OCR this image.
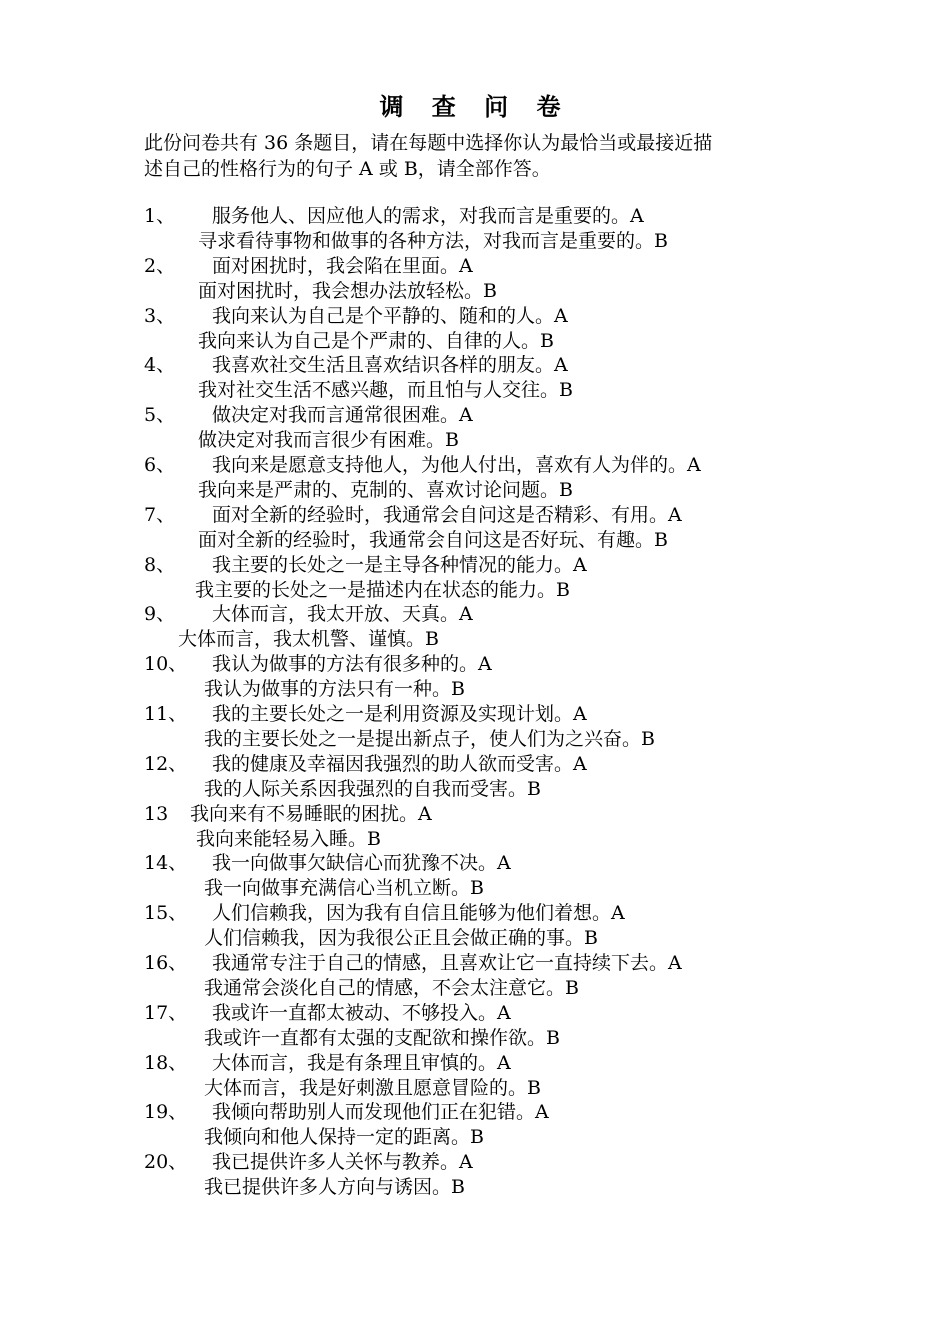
调 查 问 卷
此份问卷共有 36 条题目，请在每题中选择你认为最恰当或最接近描
述自己的性格行为的句子 A 或 B，请全部作答。
1、 服务他人、因应他人的需求，对我而言是重要的。A
寻求看待事物和做事的各种方法，对我而言是重要的。B
2、 面对困扰时，我会陷在里面。A
面对困扰时，我会想办法放轻松。B
3、 我向来认为自己是个平静的、随和的人。A
我向来认为自己是个严肃的、自律的人。B
4、 我喜欢社交生活且喜欢结识各样的朋友。A
我对社交生活不感兴趣，而且怕与人交往。B
5、 做决定对我而言通常很困难。A
做决定对我而言很少有困难。B
6、 我向来是愿意支持他人，为他人付出，喜欢有人为伴的。A
我向来是严肃的、克制的、喜欢讨论问题。B
7、 面对全新的经验时，我通常会自问这是否精彩、有用。A
面对全新的经验时，我通常会自问这是否好玩、有趣。B
8、 我主要的长处之一是主导各种情况的能力。A
我主要的长处之一是描述内在状态的能力。B
9、 大体而言，我太开放、天真。A
大体而言，我太机警、谨慎。B
10、 我认为做事的方法有很多种的。A
我认为做事的方法只有一种。B
11、 我的主要长处之一是利用资源及实现计划。A
我的主要长处之一是提出新点子，使人们为之兴奋。B
12、 我的健康及幸福因我强烈的助人欲而受害。A
我的人际关系因我强烈的自我而受害。B
13 我向来有不易睡眠的困扰。A
我向来能轻易入睡。B
14、 我一向做事欠缺信心而犹豫不决。A
我一向做事充满信心当机立断。B
15、 人们信赖我，因为我有自信且能够为他们着想。A
人们信赖我，因为我很公正且会做正确的事。B
16、 我通常专注于自己的情感，且喜欢让它一直持续下去。A
我通常会淡化自己的情感，不会太注意它。B
17、 我或许一直都太被动、不够投入。A
我或许一直都有太强的支配欲和操作欲。B
18、 大体而言，我是有条理且审慎的。A
大体而言，我是好刺激且愿意冒险的。B
19、 我倾向帮助别人而发现他们正在犯错。A
我倾向和他人保持一定的距离。B
20、 我已提供许多人关怀与教养。A
我已提供许多人方向与诱因。B
